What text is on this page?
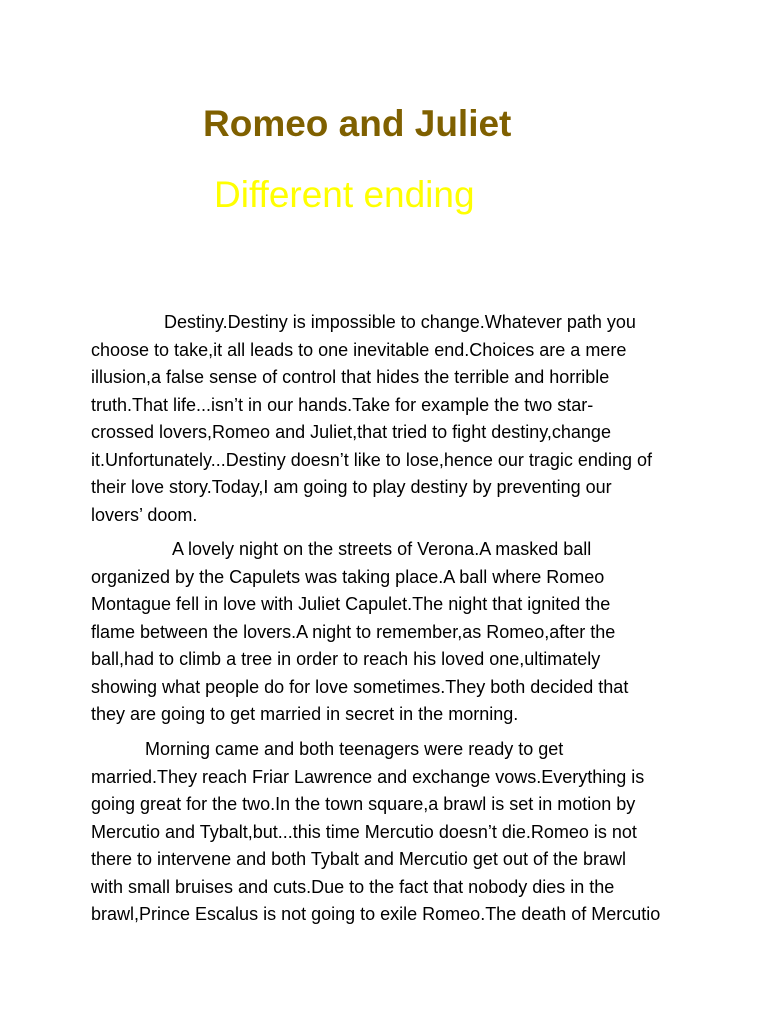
Romeo and Juliet
Different ending

Destiny.Destiny is impossible to change.Whatever path you
choose to take,it all leads to one inevitable end.Choices are a mere
illusion,a false sense of control that hides the terrible and horrible
truth.That life...isn’t in our hands.Take for example the two star-
crossed lovers,Romeo and Juliet,that tried to fight destiny,change
it.Unfortunately...Destiny doesn’t like to lose,hence our tragic ending of
their love story.Today,I am going to play destiny by preventing our
lovers’ doom.

A lovely night on the streets of Verona.A masked ball
organized by the Capulets was taking place.A ball where Romeo
Montague fell in love with Juliet Capulet.The night that ignited the
flame between the lovers.A night to remember,as Romeo,after the
ball,had to climb a tree in order to reach his loved one,ultimately
showing what people do for love sometimes.They both decided that
they are going to get married in secret in the morning.

Morning came and both teenagers were ready to get
married.They reach Friar Lawrence and exchange vows.Everything is
going great for the two.In the town square,a brawl is set in motion by
Mercutio and Tybalt,but...this time Mercutio doesn’t die.Romeo is not
there to intervene and both Tybalt and Mercutio get out of the brawl
with small bruises and cuts.Due to the fact that nobody dies in the
brawl,Prince Escalus is not going to exile Romeo.The death of Mercutio
